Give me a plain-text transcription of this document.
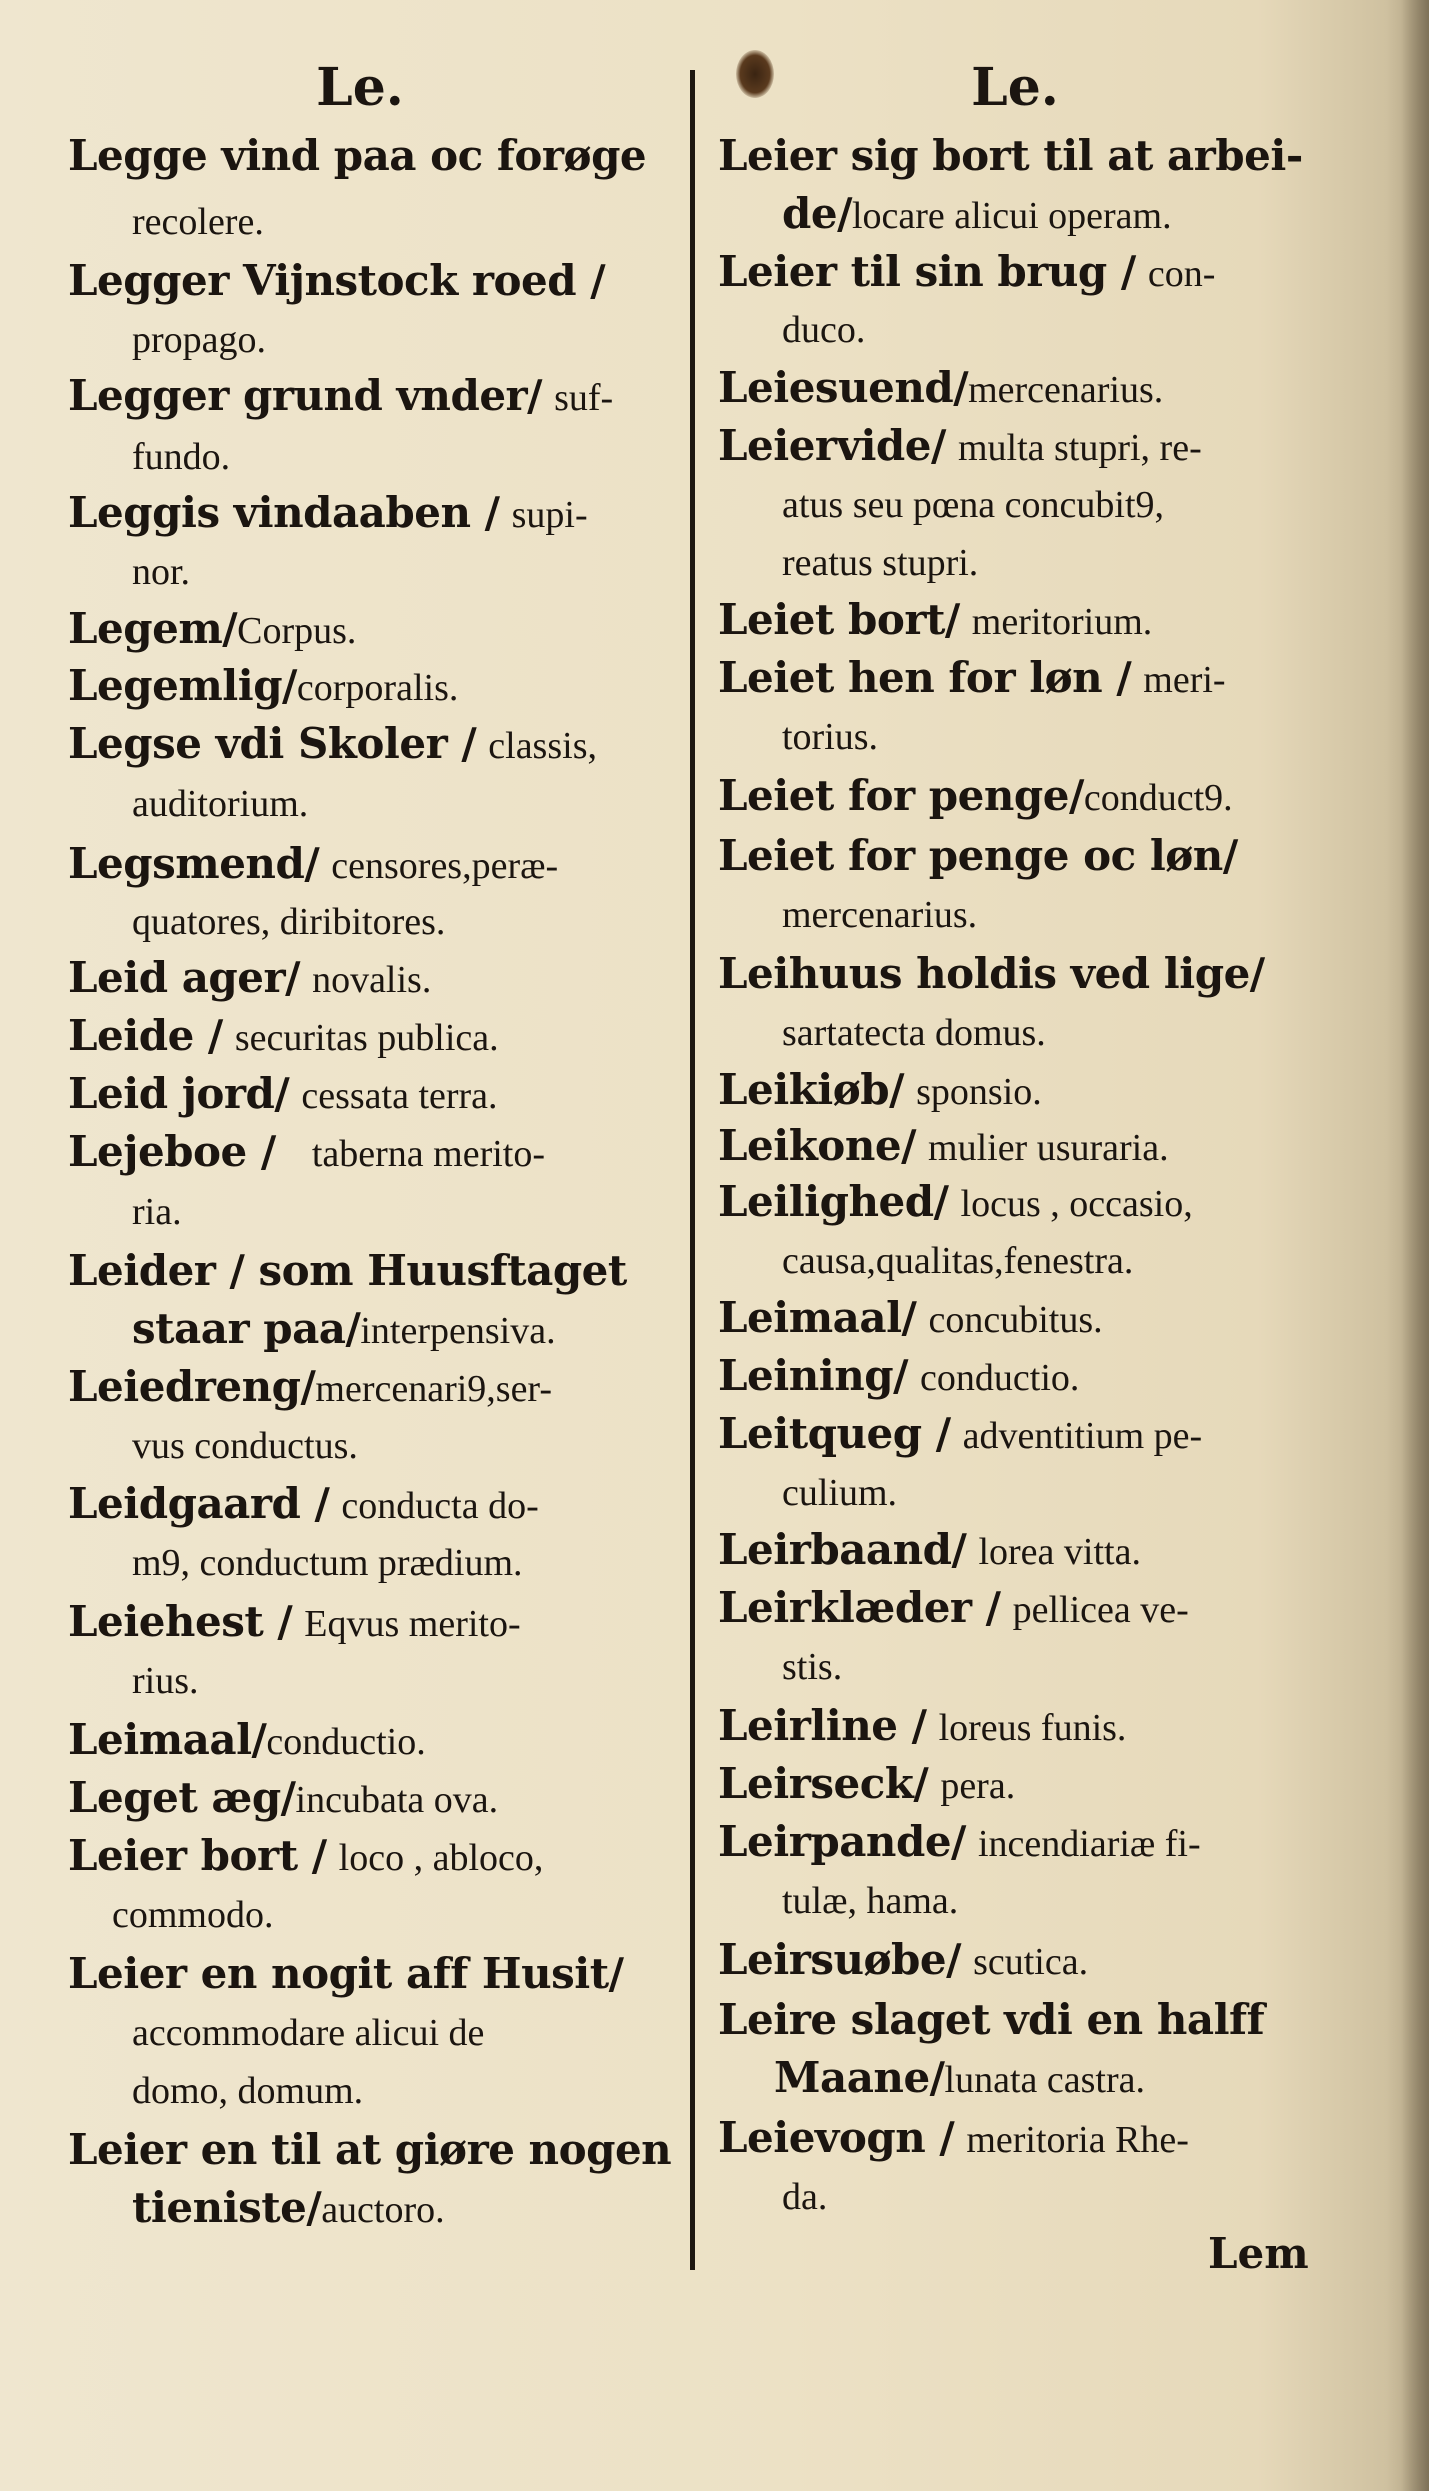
Le.	Le.
Legge vind paa oc forøge
recolere.
Legger Vijnstock roed /
propago.
Legger grund vnder/ suf-
fundo.
Leggis vindaaben / supi-
nor.
Legem/Corpus.
Legemlig/corporalis.
Legse vdi Skoler / classis,
auditorium.
Legsmend/ censores,peræ-
quatores, diribitores.
Leid ager/ novalis.
Leide / securitas publica.
Leid jord/ cessata terra.
Lejeboe / taberna merito-
ria.
Leider / som Huusftaget
staar paa/interpensiva.
Leiedreng/mercenari9,ser-
vus conductus.
Leidgaard / conducta do-
m9, conductum prædium.
Leiehest / Eqvus merito-
rius.
Leimaal/conductio.
Leget æg/incubata ova.
Leier bort / loco , abloco,
commodo.
Leier en nogit aff Husit/
accommodare alicui de
domo, domum.
Leier en til at giøre nogen
tieniste/auctoro.
Leier sig bort til at arbei-
de/locare alicui operam.
Leier til sin brug / con-
duco.
Leiesuend/mercenarius.
Leiervide/ multa stupri, re-
atus seu pœna concubit9,
reatus stupri.
Leiet bort/ meritorium.
Leiet hen for løn / meri-
torius.
Leiet for penge/conduct9.
Leiet for penge oc løn/
mercenarius.
Leihuus holdis ved lige/
sartatecta domus.
Leikiøb/ sponsio.
Leikone/ mulier usuraria.
Leilighed/ locus , occasio,
causa,qualitas,fenestra.
Leimaal/ concubitus.
Leining/ conductio.
Leitqueg / adventitium pe-
culium.
Leirbaand/ lorea vitta.
Leirklæder / pellicea ve-
stis.
Leirline / loreus funis.
Leirseck/ pera.
Leirpande/ incendiariæ fi-
tulæ, hama.
Leirsuøbe/ scutica.
Leire slaget vdi en halff
Maane/lunata castra.
Leievogn / meritoria Rhe-
da.
Lem
